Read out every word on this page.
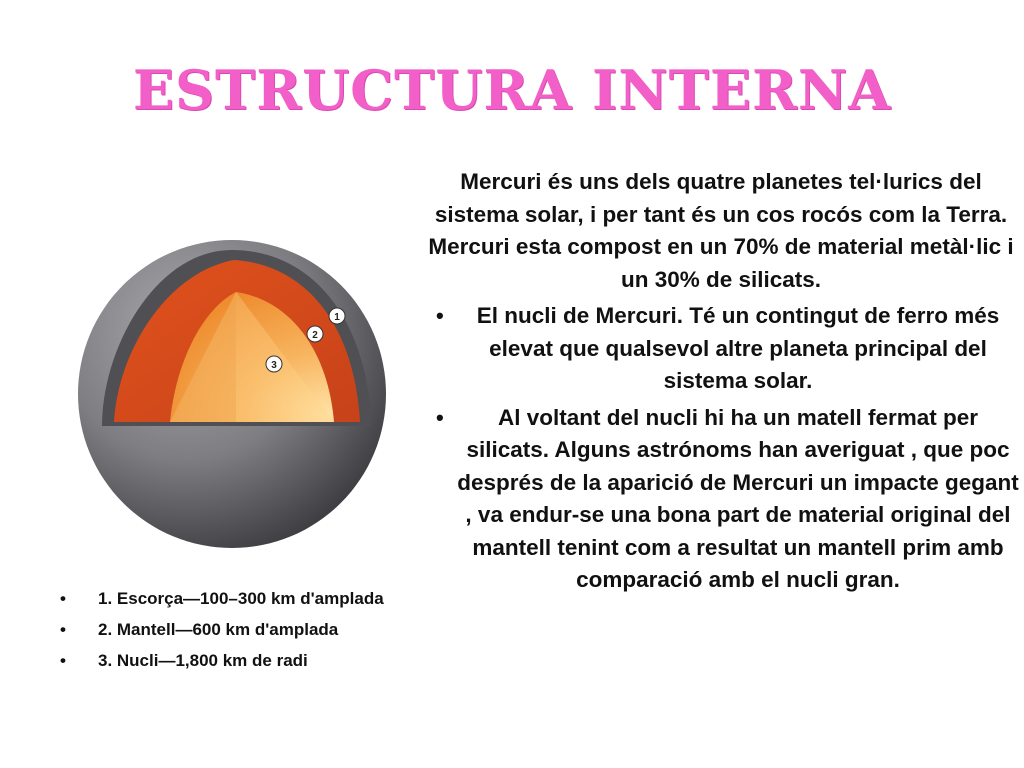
ESTRUCTURA INTERNA
1
2
3
• 1. Escorça—100–300 km d'amplada
• 2. Mantell—600 km d'amplada
• 3. Nucli—1,800 km de radi

Mercuri és uns dels quatre planetes tel·lurics del sistema solar, i per tant és un cos rocós com la Terra. Mercuri esta compost en un 70% de material metàl·lic i un 30% de silicats.

• El nucli de Mercuri. Té un contingut de ferro més elevat que qualsevol altre planeta principal del sistema solar.
• Al voltant del nucli hi ha un matell fermat per silicats. Alguns astrónoms han averiguat , que poc després de la aparició de Mercuri un impacte gegant , va endur-se una bona part de material original del mantell tenint com a resultat un mantell prim amb comparació amb el nucli gran.
